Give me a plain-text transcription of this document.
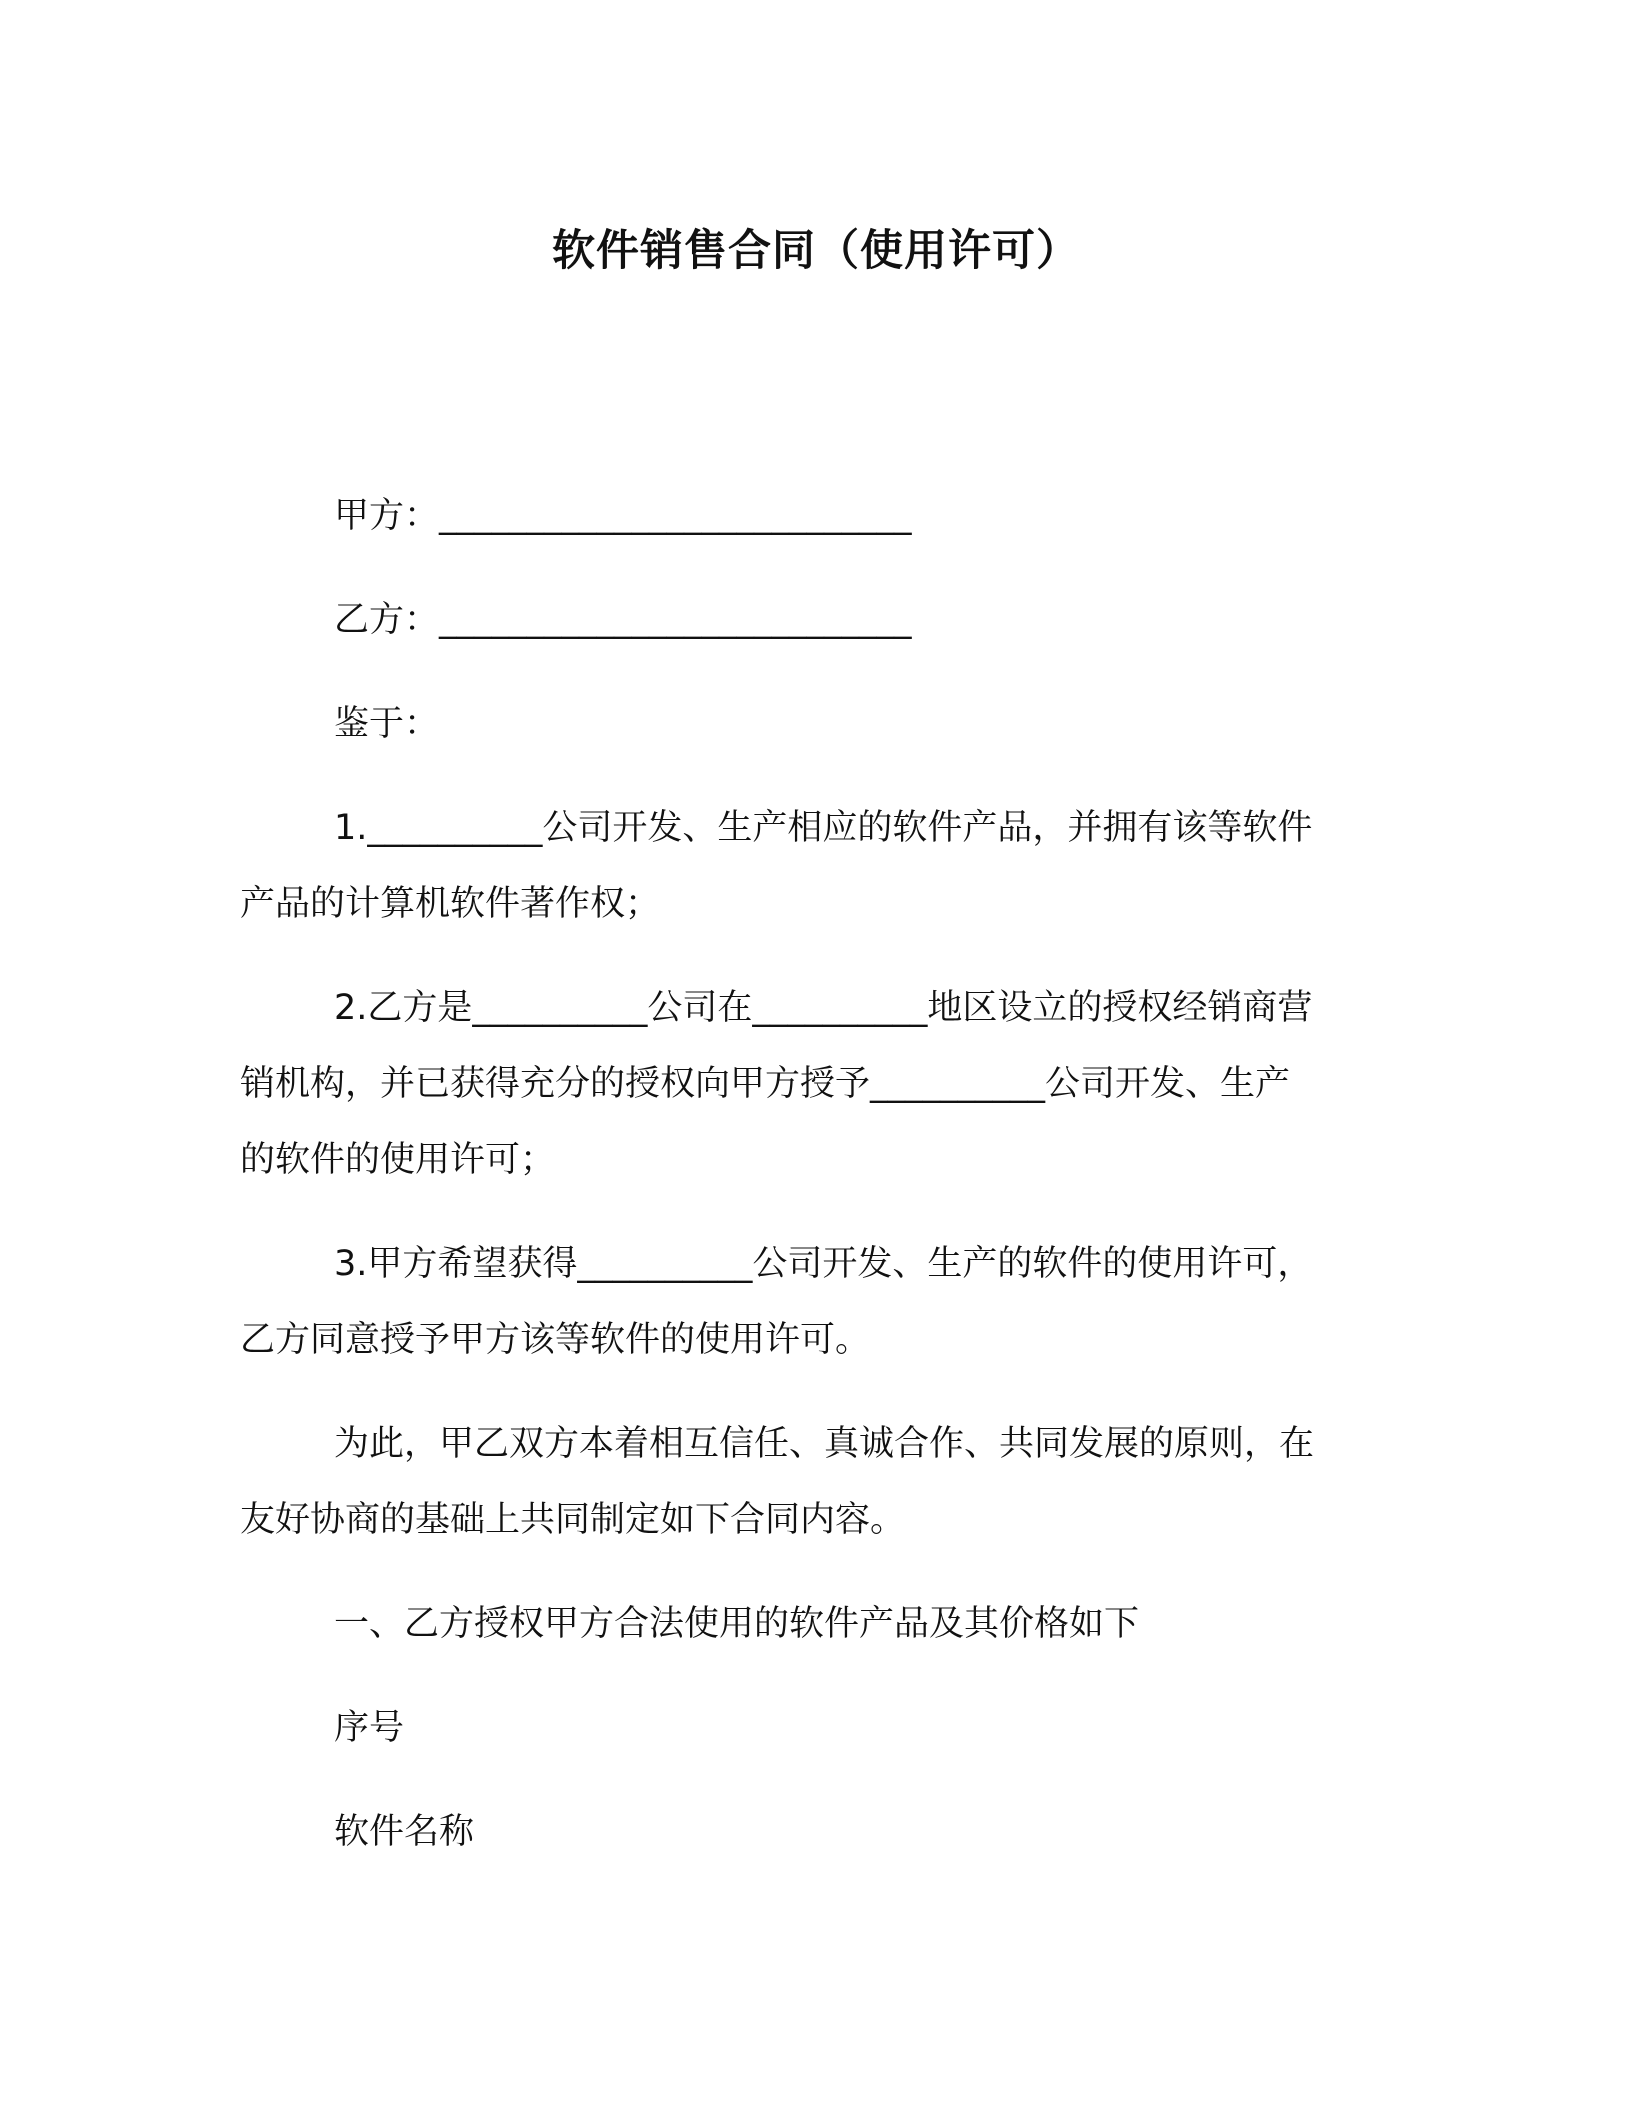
软件销售合同（使用许可）
甲方：___________________________
乙方：___________________________
鉴于：
1.__________公司开发、生产相应的软件产品，并拥有该等软件
产品的计算机软件著作权；
2.乙方是__________公司在__________地区设立的授权经销商营
销机构，并已获得充分的授权向甲方授予__________公司开发、生产
的软件的使用许可；
3.甲方希望获得__________公司开发、生产的软件的使用许可，
乙方同意授予甲方该等软件的使用许可。
为此，甲乙双方本着相互信任、真诚合作、共同发展的原则，在
友好协商的基础上共同制定如下合同内容。
一、乙方授权甲方合法使用的软件产品及其价格如下
序号
软件名称
